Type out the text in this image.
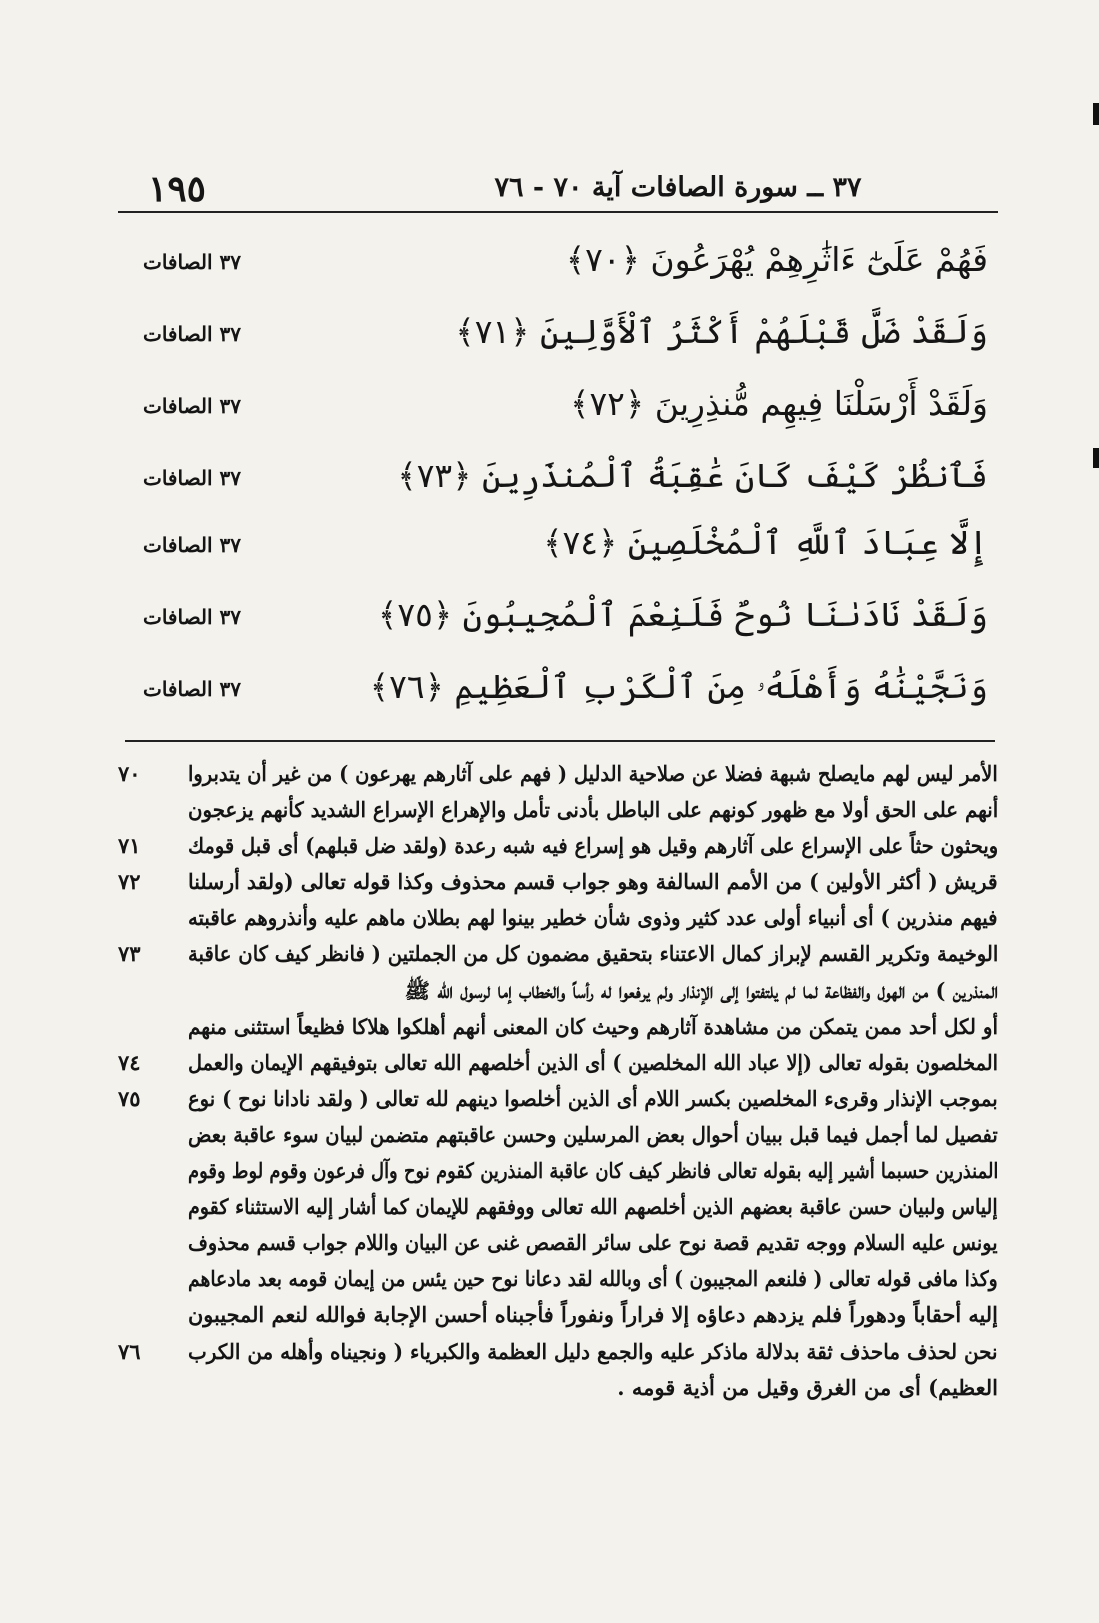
١٩٥	٣٧ ــ سورة الصافات آية ٧٠ - ٧٦
فَهُمْ عَلَىٰٓ ءَاثَٰرِهِمْ يُهْرَعُونَ ﴿٧٠﴾
٣٧ الصافات
وَلَقَدْ ضَلَّ قَبْلَهُمْ أَكْثَرُ ٱلْأَوَّلِينَ ﴿٧١﴾
٣٧ الصافات
وَلَقَدْ أَرْسَلْنَا فِيهِم مُّنذِرِينَ ﴿٧٢﴾
٣٧ الصافات
فَٱنظُرْ كَيْفَ كَانَ عَٰقِبَةُ ٱلْمُنذَرِينَ ﴿٧٣﴾
٣٧ الصافات
إِلَّا عِبَادَ ٱللَّهِ ٱلْمُخْلَصِينَ ﴿٧٤﴾
٣٧ الصافات
وَلَقَدْ نَادَىٰنَا نُوحٌ فَلَنِعْمَ ٱلْمُجِيبُونَ ﴿٧٥﴾
٣٧ الصافات
وَنَجَّيْنَٰهُ وَأَهْلَهُۥ مِنَ ٱلْكَرْبِ ٱلْعَظِيمِ ﴿٧٦﴾
٣٧ الصافات
٧٠ الأمر ليس لهم مايصلح شبهة فضلا عن صلاحية الدليل ( فهم على آثارهم يهرعون ) من غير أن يتدبروا
أنهم على الحق أولا مع ظهور كونهم على الباطل بأدنى تأمل والإهراع الإسراع الشديد كأنهم يزعجون
٧١ ويحثون حثاً على الإسراع على آثارهم وقيل هو إسراع فيه شبه رعدة (ولقد ضل قبلهم) أى قبل قومك
٧٢ قريش ( أكثر الأولين ) من الأمم السالفة وهو جواب قسم محذوف وكذا قوله تعالى (ولقد أرسلنا
فيهم منذرين ) أى أنبياء أولى عدد كثير وذوى شأن خطير بينوا لهم بطلان ماهم عليه وأنذروهم عاقبته
٧٣ الوخيمة وتكرير القسم لإبراز كمال الاعتناء بتحقيق مضمون كل من الجملتين ( فانظر كيف كان عاقبة
المنذرين ) من الهول والفظاعة لما لم يلتفتوا إلى الإنذار ولم يرفعوا له رأساً والخطاب إما لرسول الله ﷺ
أو لكل أحد ممن يتمكن من مشاهدة آثارهم وحيث كان المعنى أنهم أهلكوا هلاكا فظيعاً استثنى منهم
٧٤ المخلصون بقوله تعالى (إلا عباد الله المخلصين ) أى الذين أخلصهم الله تعالى بتوفيقهم الإيمان والعمل
٧٥ بموجب الإنذار وقرىء المخلصين بكسر اللام أى الذين أخلصوا دينهم لله تعالى ( ولقد نادانا نوح ) نوع
تفصيل لما أجمل فيما قبل ببيان أحوال بعض المرسلين وحسن عاقبتهم متضمن لبيان سوء عاقبة بعض
المنذرين حسبما أشير إليه بقوله تعالى فانظر كيف كان عاقبة المنذرين كقوم نوح وآل فرعون وقوم لوط وقوم
إلياس ولبيان حسن عاقبة بعضهم الذين أخلصهم الله تعالى ووفقهم للإيمان كما أشار إليه الاستثناء كقوم
يونس عليه السلام ووجه تقديم قصة نوح على سائر القصص غنى عن البيان واللام جواب قسم محذوف
وكذا مافى قوله تعالى ( فلنعم المجيبون ) أى وبالله لقد دعانا نوح حين يئس من إيمان قومه بعد مادعاهم
إليه أحقاباً ودهوراً فلم يزدهم دعاؤه إلا فراراً ونفوراً فأجبناه أحسن الإجابة فوالله لنعم المجيبون
٧٦ نحن لحذف ماحذف ثقة بدلالة ماذكر عليه والجمع دليل العظمة والكبرياء ( ونجيناه وأهله من الكرب
العظيم) أى من الغرق وقيل من أذية قومه .
